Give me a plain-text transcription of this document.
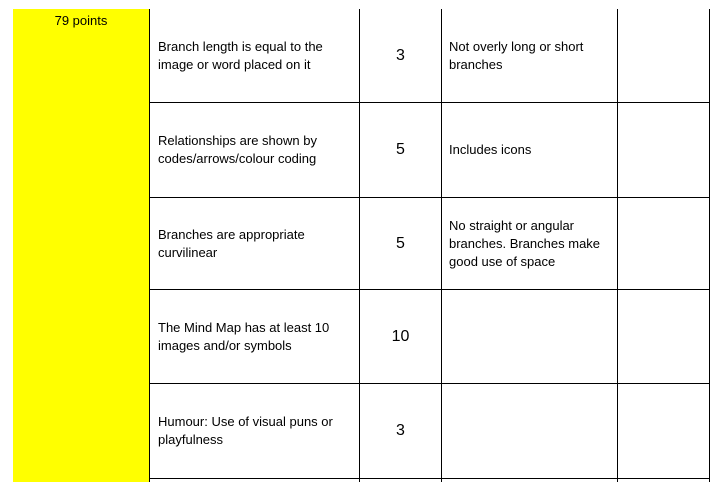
79 points
Branch length is equal to the image or word placed on it
3
Not overly long or short branches
Relationships are shown by codes/arrows/colour coding
5	Includes icons
Branches are appropriate curvilinear
5
No straight or angular branches. Branches make good use of space
The Mind Map has at least 10 images and/or symbols
10
Humour: Use of visual puns or playfulness
3
